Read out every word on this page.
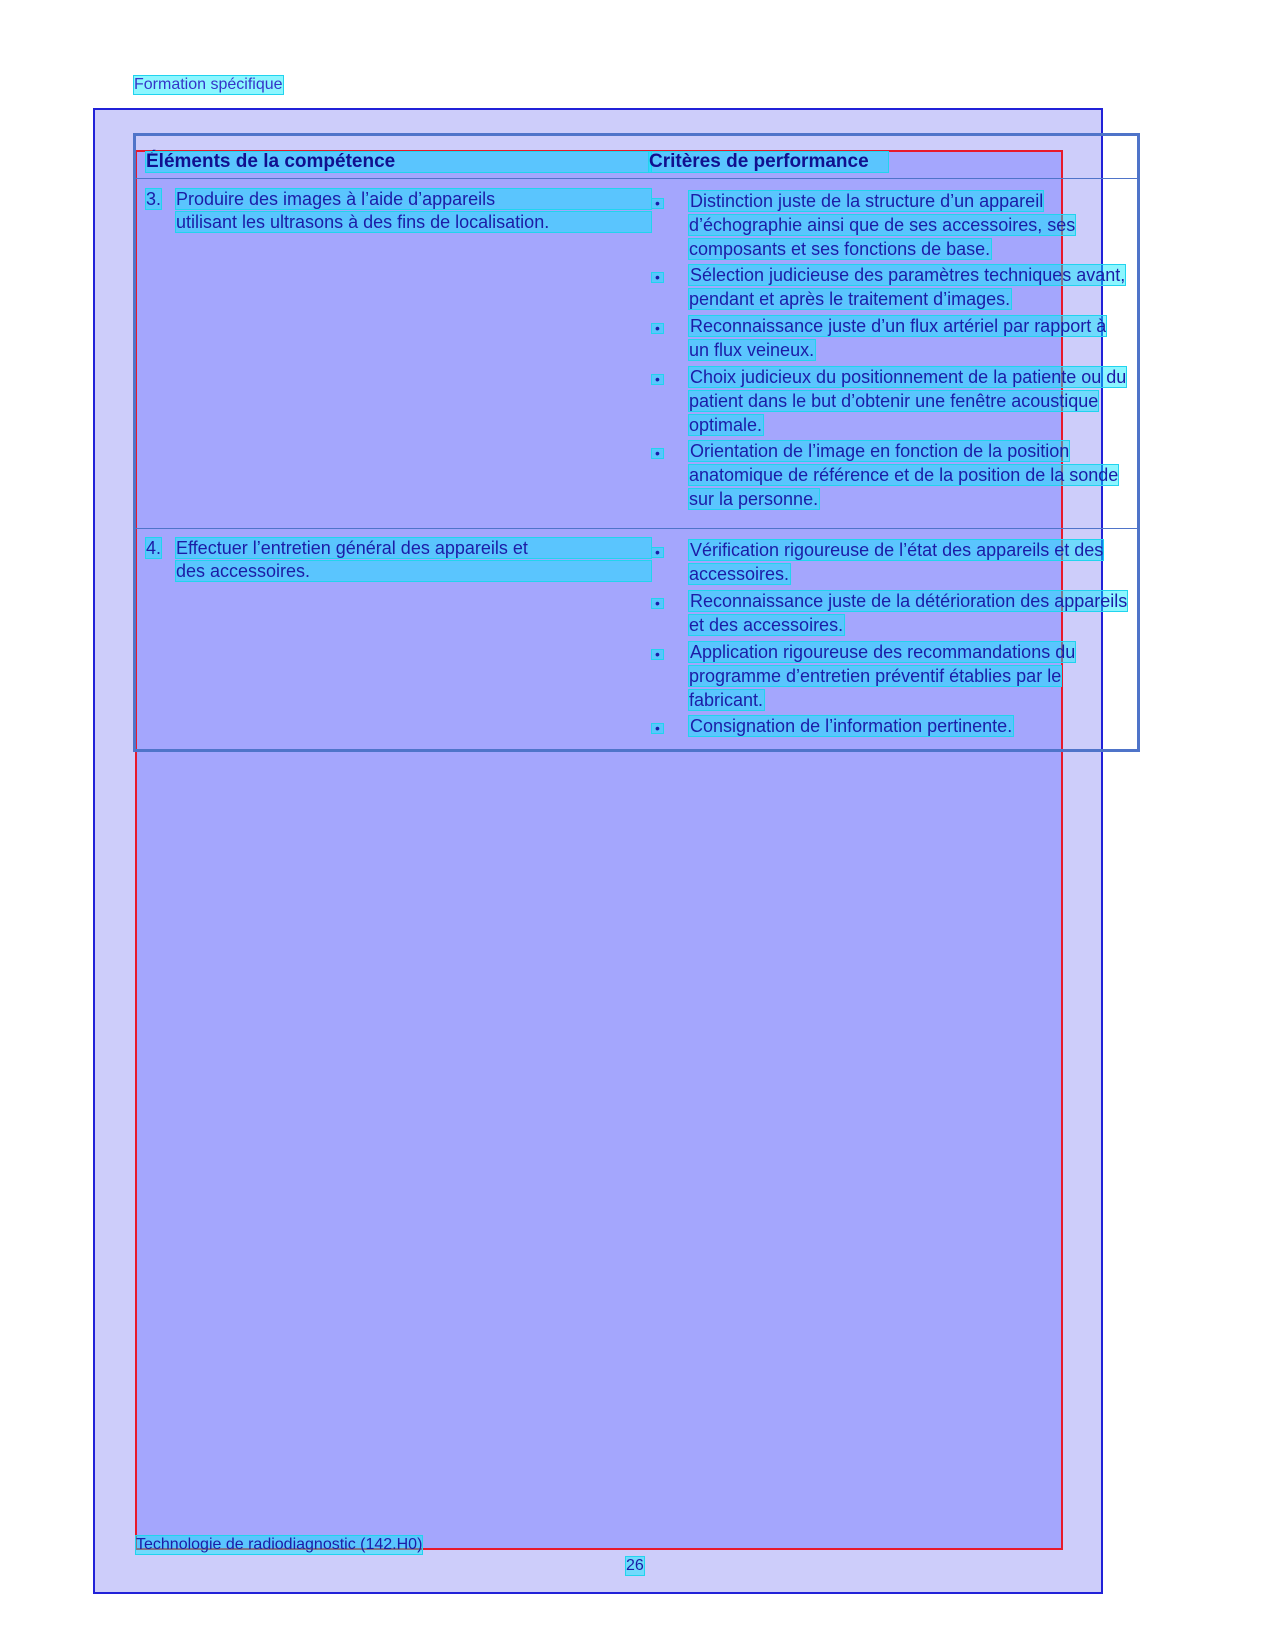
Formation spécifique
Éléments de la compétence	Critères de performance
3. Produire des images à l’aide d’appareils
utilisant les ultrasons à des fins de localisation.
• Distinction juste de la structure d’un appareil d’échographie ainsi que de ses accessoires, ses composants et ses fonctions de base.
• Sélection judicieuse des paramètres techniques avant, pendant et après le traitement d’images.
• Reconnaissance juste d’un flux artériel par rapport à un flux veineux.
• Choix judicieux du positionnement de la patiente ou du patient dans le but d’obtenir une fenêtre acoustique optimale.
• Orientation de l’image en fonction de la position anatomique de référence et de la position de la sonde sur la personne.
4. Effectuer l’entretien général des appareils et
des accessoires.
• Vérification rigoureuse de l’état des appareils et des accessoires.
• Reconnaissance juste de la détérioration des appareils et des accessoires.
• Application rigoureuse des recommandations du programme d’entretien préventif établies par le fabricant.
• Consignation de l’information pertinente.
Technologie de radiodiagnostic (142.H0)
26
